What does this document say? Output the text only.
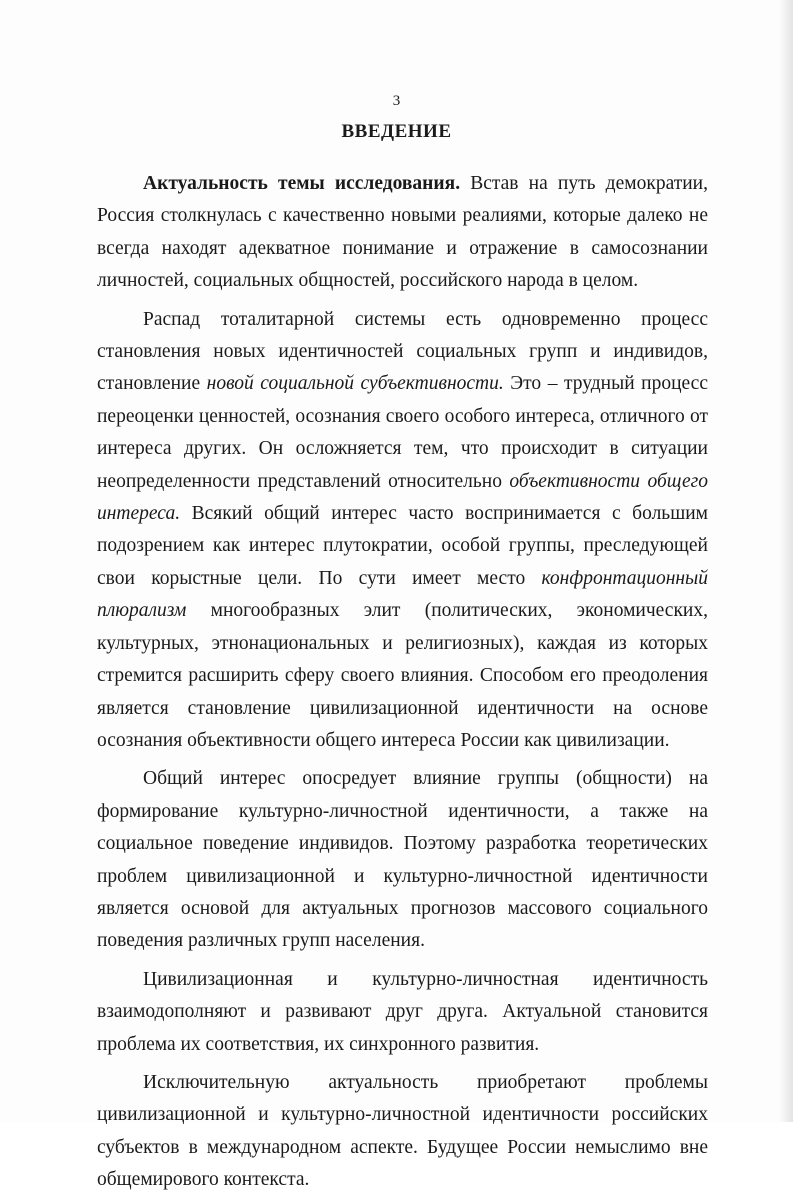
3

ВВЕДЕНИЕ

Актуальность темы исследования. Встав на путь демократии, Россия столкнулась с качественно новыми реалиями, которые далеко не всегда находят адекватное понимание и отражение в самосознании личностей, социальных общностей, российского народа в целом.

Распад тоталитарной системы есть одновременно процесс становления новых идентичностей социальных групп и индивидов, становление новой социальной субъективности. Это – трудный процесс переоценки ценностей, осознания своего особого интереса, отличного от интереса других. Он осложняется тем, что происходит в ситуации неопределенности представлений относительно объективности общего интереса. Всякий общий интерес часто воспринимается с большим подозрением как интерес плутократии, особой группы, преследующей свои корыстные цели. По сути имеет место конфронтационный плюрализм многообразных элит (политических, экономических, культурных, этнонациональных и религиозных), каждая из которых стремится расширить сферу своего влияния. Способом его преодоления является становление цивилизационной идентичности на основе осознания объективности общего интереса России как цивилизации.

Общий интерес опосредует влияние группы (общности) на формирование культурно-личностной идентичности, а также на социальное поведение индивидов. Поэтому разработка теоретических проблем цивилизационной и культурно-личностной идентичности является основой для актуальных прогнозов массового социального поведения различных групп населения.

Цивилизационная и культурно-личностная идентичность взаимодополняют и развивают друг друга. Актуальной становится проблема их соответствия, их синхронного развития.

Исключительную актуальность приобретают проблемы цивилизационной и культурно-личностной идентичности российских субъектов в международном аспекте. Будущее России немыслимо вне общемирового контекста.
